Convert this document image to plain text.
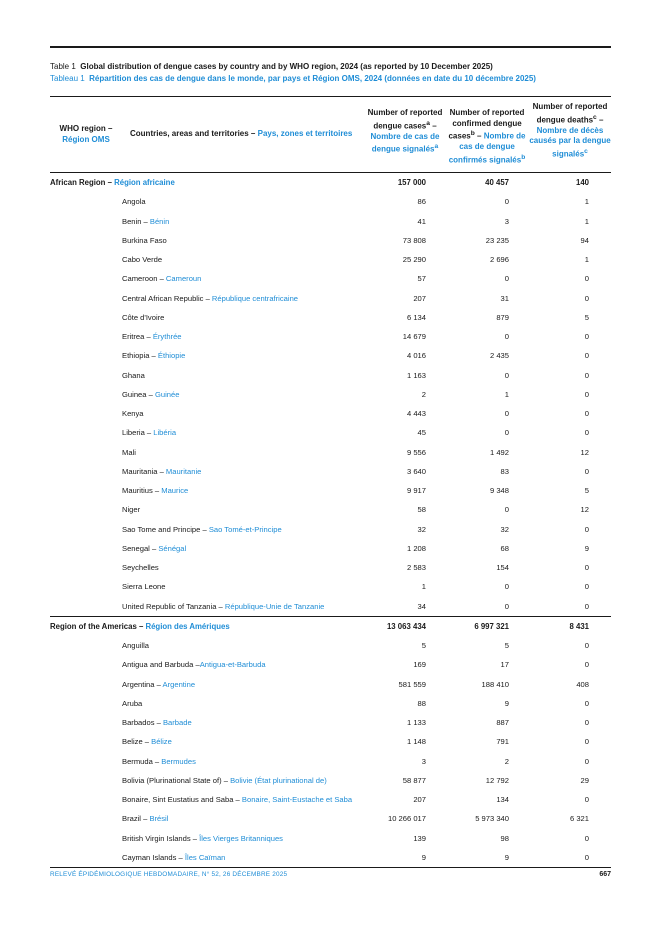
Table 1 Global distribution of dengue cases by country and by WHO region, 2024 (as reported by 10 December 2025)
Tableau 1 Répartition des cas de dengue dans le monde, par pays et Région OMS, 2024 (données en date du 10 décembre 2025)
WHO region –
Région OMS
Countries, areas and territories – Pays, zones et territoires
Number of reported dengue cases$^a$ – Nombre de cas de dengue signalés$^a$
Number of reported confirmed dengue cases$^b$ – Nombre de cas de dengue confirmés signalés$^b$
Number of reported dengue deaths$^c$ – Nombre de décès causés par la dengue signalés$^c$
African Region – Région africaine	157 000	40 457	140
Angola	86	0	1
Benin – Bénin	41	3	1
Burkina Faso	73 808	23 235	94
Cabo Verde	25 290	2 696	1
Cameroon – Cameroun	57	0	0
Central African Republic – République centrafricaine	207	31	0
Côte d'Ivoire	6 134	879	5
Eritrea – Érythrée	14 679	0	0
Ethiopia – Éthiopie	4 016	2 435	0
Ghana	1 163	0	0
Guinea – Guinée	2	1	0
Kenya	4 443	0	0
Liberia – Libéria	45	0	0
Mali	9 556	1 492	12
Mauritania – Mauritanie	3 640	83	0
Mauritius – Maurice	9 917	9 348	5
Niger	58	0	12
Sao Tome and Principe – Sao Tomé-et-Principe	32	32	0
Senegal – Sénégal	1 208	68	9
Seychelles	2 583	154	0
Sierra Leone	1	0	0
United Republic of Tanzania – République-Unie de Tanzanie	34	0	0
Region of the Americas – Région des Amériques	13 063 434	6 997 321	8 431
Anguilla	5	5	0
Antigua and Barbuda –Antigua-et-Barbuda	169	17	0
Argentina – Argentine	581 559	188 410	408
Aruba	88	9	0
Barbados – Barbade	1 133	887	0
Belize – Bélize	1 148	791	0
Bermuda – Bermudes	3	2	0
Bolivia (Plurinational State of) – Bolivie (État plurinational de)	58 877	12 792	29
Bonaire, Sint Eustatius and Saba – Bonaire, Saint-Eustache et Saba	207	134	0
Brazil – Brésil	10 266 017	5 973 340	6 321
British Virgin Islands – Îles Vierges Britanniques	139	98	0
Cayman Islands – Îles Caïman	9	9	0
RELEVÉ ÉPIDÉMIOLOGIQUE HEBDOMADAIRE, N° 52, 26 DÉCEMBRE 2025	667
